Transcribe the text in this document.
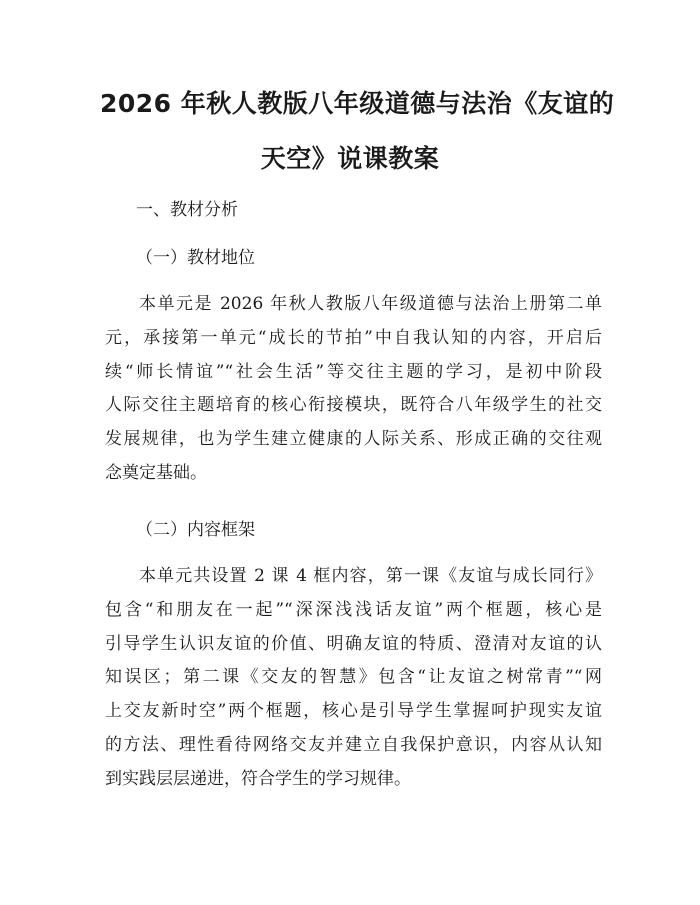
2026 年秋人教版八年级道德与法治《友谊的
天空》说课教案

一、教材分析

（一）教材地位

本单元是 2026 年秋人教版八年级道德与法治上册第二单
元，承接第一单元“成长的节拍”中自我认知的内容，开启后
续“师长情谊”“社会生活”等交往主题的学习，是初中阶段
人际交往主题培育的核心衔接模块，既符合八年级学生的社交
发展规律，也为学生建立健康的人际关系、形成正确的交往观
念奠定基础。

（二）内容框架

本单元共设置 2 课 4 框内容，第一课《友谊与成长同行》
包含“和朋友在一起”“深深浅浅话友谊”两个框题，核心是
引导学生认识友谊的价值、明确友谊的特质、澄清对友谊的认
知误区；第二课《交友的智慧》包含“让友谊之树常青”“网
上交友新时空”两个框题，核心是引导学生掌握呵护现实友谊
的方法、理性看待网络交友并建立自我保护意识，内容从认知
到实践层层递进，符合学生的学习规律。
